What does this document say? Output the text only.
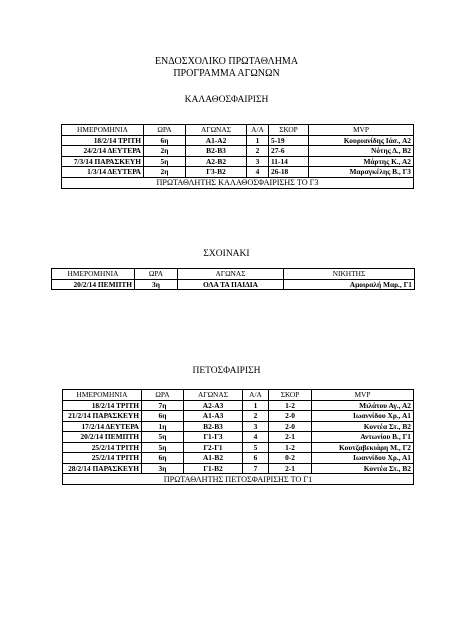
ΕΝΔΟΣΧΟΛΙΚΟ ΠΡΩΤΑΘΛΗΜΑ
ΠΡΟΓΡΑΜΜΑ ΑΓΩΝΩΝ
ΚΑΛΑΘΟΣΦΑΙΡΙΣΗ
ΗΜΕΡΟΜΗΝΙΑ	ΩΡΑ	ΑΓΩΝΑΣ	Α/Α	ΣΚΟΡ	MVP
18/2/14 ΤΡΙΤΗ	6η	Α1-Α2	1	5-19	Κουριανίδης Ιάσ., Α2
24/2/14 ΔΕΥΤΕΡΑ	2η	Β2-Β3	2	27-6	Νότης Δ., Β2
7/3/14 ΠΑΡΑΣΚΕΥΗ	5η	Α2-Β2	3	11-14	Μάρτης Κ., Α2
1/3/14 ΔΕΥΤΕΡΑ	2η	Γ3-Β2	4	26-18	Μαραγκέλης Β., Γ3
ΠΡΩΤΑΘΛΗΤΗΣ ΚΑΛΑΘΟΣΦΑΙΡΙΣΗΣ ΤΟ Γ3					
ΣΧΟΙΝΑΚΙ
ΗΜΕΡΟΜΗΝΙΑ	ΩΡΑ	ΑΓΩΝΑΣ	ΝΙΚΗΤΗΣ
20/2/14 ΠΕΜΠΤΗ	3η	ΟΛΑ ΤΑ ΠΑΙΔΙΑ	Αμοιραλή Μαρ., Γ1
ΠΕΤΟΣΦΑΙΡΙΣΗ
ΗΜΕΡΟΜΗΝΙΑ	ΩΡΑ	ΑΓΩΝΑΣ	Α/Α	ΣΚΟΡ	MVP
18/2/14 ΤΡΙΤΗ	7η	Α2-Α3	1	1-2	Μιλάτου Αγ., Α2
21/2/14 ΠΑΡΑΣΚΕΥΗ	6η	Α1-Α3	2	2-0	Ιωαννίδου Χρ., Α1
17/2/14 ΔΕΥΤΕΡΑ	1η	Β2-Β3	3	2-0	Κοντέα Στ., Β2
20/2/14 ΠΕΜΠΤΗ	5η	Γ1-Γ3	4	2-1	Αντωνίου Β., Γ1
25/2/14 ΤΡΙΤΗ	5η	Γ2-Γ1	5	1-2	Κουτζαβεκιάρη Μ., Γ2
25/2/14 ΤΡΙΤΗ	6η	Α1-Β2	6	0-2	Ιωαννίδου Χρ., Α1
28/2/14 ΠΑΡΑΣΚΕΥΗ	3η	Γ1-Β2	7	2-1	Κοντέα Στ., Β2
ΠΡΩΤΑΘΛΗΤΗΣ ΠΕΤΟΣΦΑΙΡΙΣΗΣ ΤΟ Γ1					
